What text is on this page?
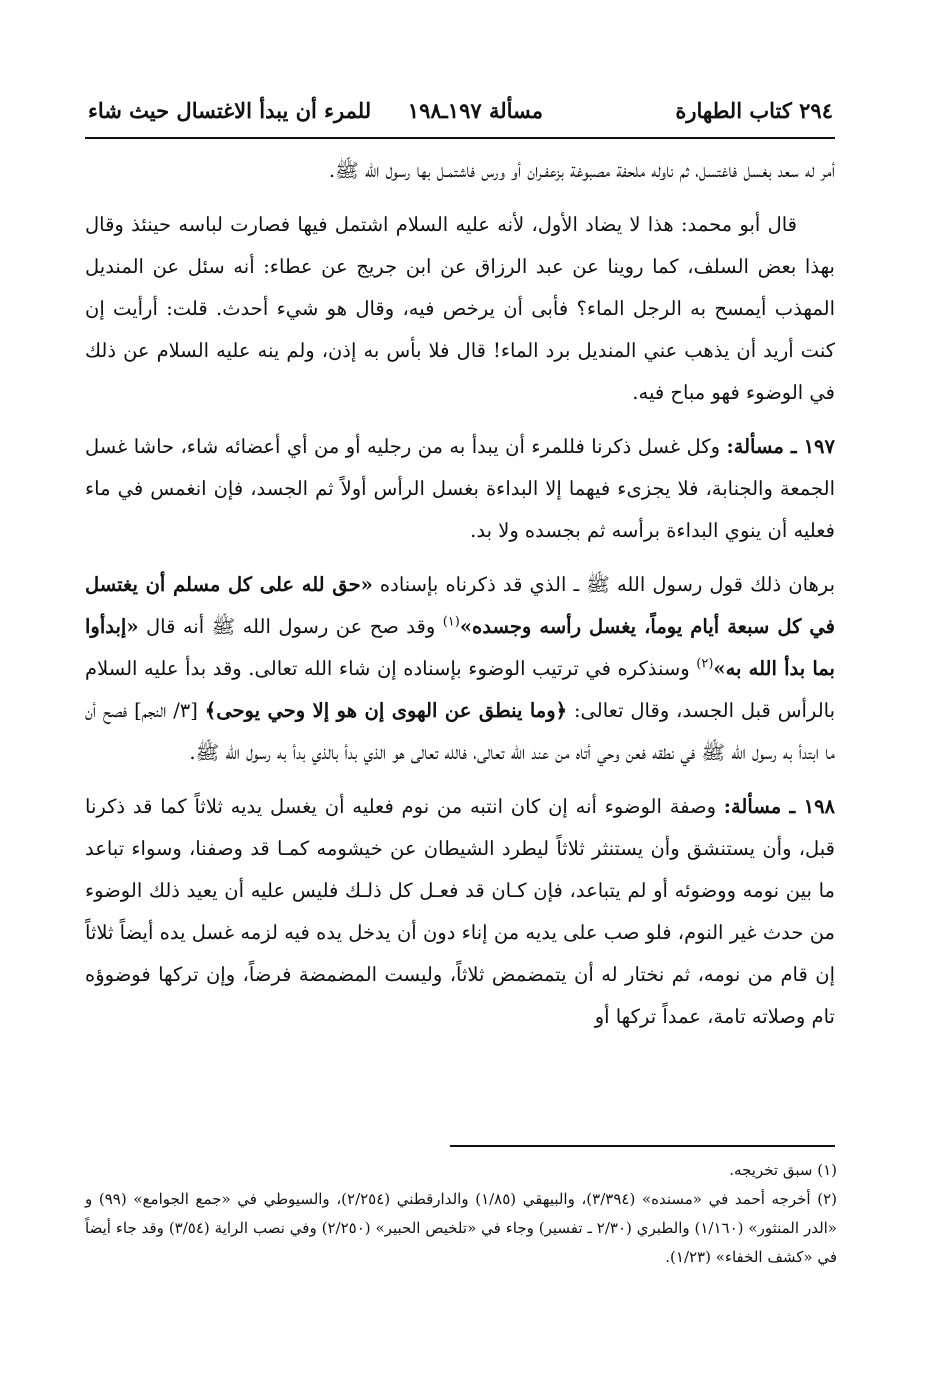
٢٩٤ كتاب الطهارة
مسألة ١٩٧ـ١٩٨
للمرء أن يبدأ الاغتسال حيث شاء

أمر له سعد بغسل فاغتسل، ثم ناوله ملحفة مصبوغة بزعفـران أو ورس فاشتمـل بها رسول الله ﷺ.

قال أبو محمد: هذا لا يضاد الأول، لأنه عليه السلام اشتمل فيها فصارت لباسه حينئذ وقال بهذا بعض السلف، كما روينا عن عبد الرزاق عن ابن جريج عن عطاء: أنه سئل عن المنديل المهذب أيمسح به الرجل الماء؟ فأبى أن يرخص فيه، وقال هو شيء أحدث. قلت: أرأيت إن كنت أريد أن يذهب عني المنديل برد الماء! قال فلا بأس به إذن، ولم ينه عليه السلام عن ذلك في الوضوء فهو مباح فيه.

١٩٧ ـ مسألة: وكل غسل ذكرنا فللمرء أن يبدأ به من رجليه أو من أي أعضائه شاء، حاشا غسل الجمعة والجنابة، فلا يجزىء فيهما إلا البداءة بغسل الرأس أولاً ثم الجسد، فإن انغمس في ماء فعليه أن ينوي البداءة برأسه ثم بجسده ولا بد.

برهان ذلك قول رسول الله ﷺ ـ الذي قد ذكرناه بإسناده «حق لله على كل مسلم أن يغتسل في كل سبعة أيام يوماً، يغسل رأسه وجسده»$^{(١)}$ وقد صح عن رسول الله ﷺ أنه قال «إبدأوا بما بدأ الله به»$^{(٢)}$ وسنذكره في ترتيب الوضوء بإسناده إن شاء الله تعالى. وقد بدأ عليه السلام بالرأس قبل الجسد، وقال تعالى: ﴿وما ينطق عن الهوى إن هو إلا وحي يوحى﴾ [٣/ النجم] فصح أن ما ابتدأ به رسول الله ﷺ في نطقه فعن وحي أتاه من عند الله تعالى، فالله تعالى هو الذي بدأ بالذي بدأ به رسول الله ﷺ.

١٩٨ ـ مسألة: وصفة الوضوء أنه إن كان انتبه من نوم فعليه أن يغسل يديه ثلاثاً كما قد ذكرنا قبل، وأن يستنشق وأن يستنثر ثلاثاً ليطرد الشيطان عن خيشومه كمـا قد وصفنا، وسواء تباعد ما بين نومه ووضوئه أو لم يتباعد، فإن كـان قد فعـل كل ذلـك فليس عليه أن يعيد ذلك الوضوء من حدث غير النوم، فلو صب على يديه من إناء دون أن يدخل يده فيه لزمه غسل يده أيضاً ثلاثاً إن قام من نومه، ثم نختار له أن يتمضمض ثلاثاً، وليست المضمضة فرضاً، وإن تركها فوضوؤه تام وصلاته تامة، عمداً تركها أو

(١) سبق تخريجه.

(٢) أخرجه أحمد في «مسنده» (٣/٣٩٤)، والبيهقي (١/٨٥) والدارقطني (٢/٢٥٤)، والسيوطي في «جمع الجوامع» (٩٩) و «الدر المنثور» (١/١٦٠) والطبري (٢/٣٠ ـ تفسير) وجاء في «تلخيص الحبير» (٢/٢٥٠) وفي نصب الراية (٣/٥٤) وقد جاء أيضاً في «كشف الخفاء» (١/٢٣).
